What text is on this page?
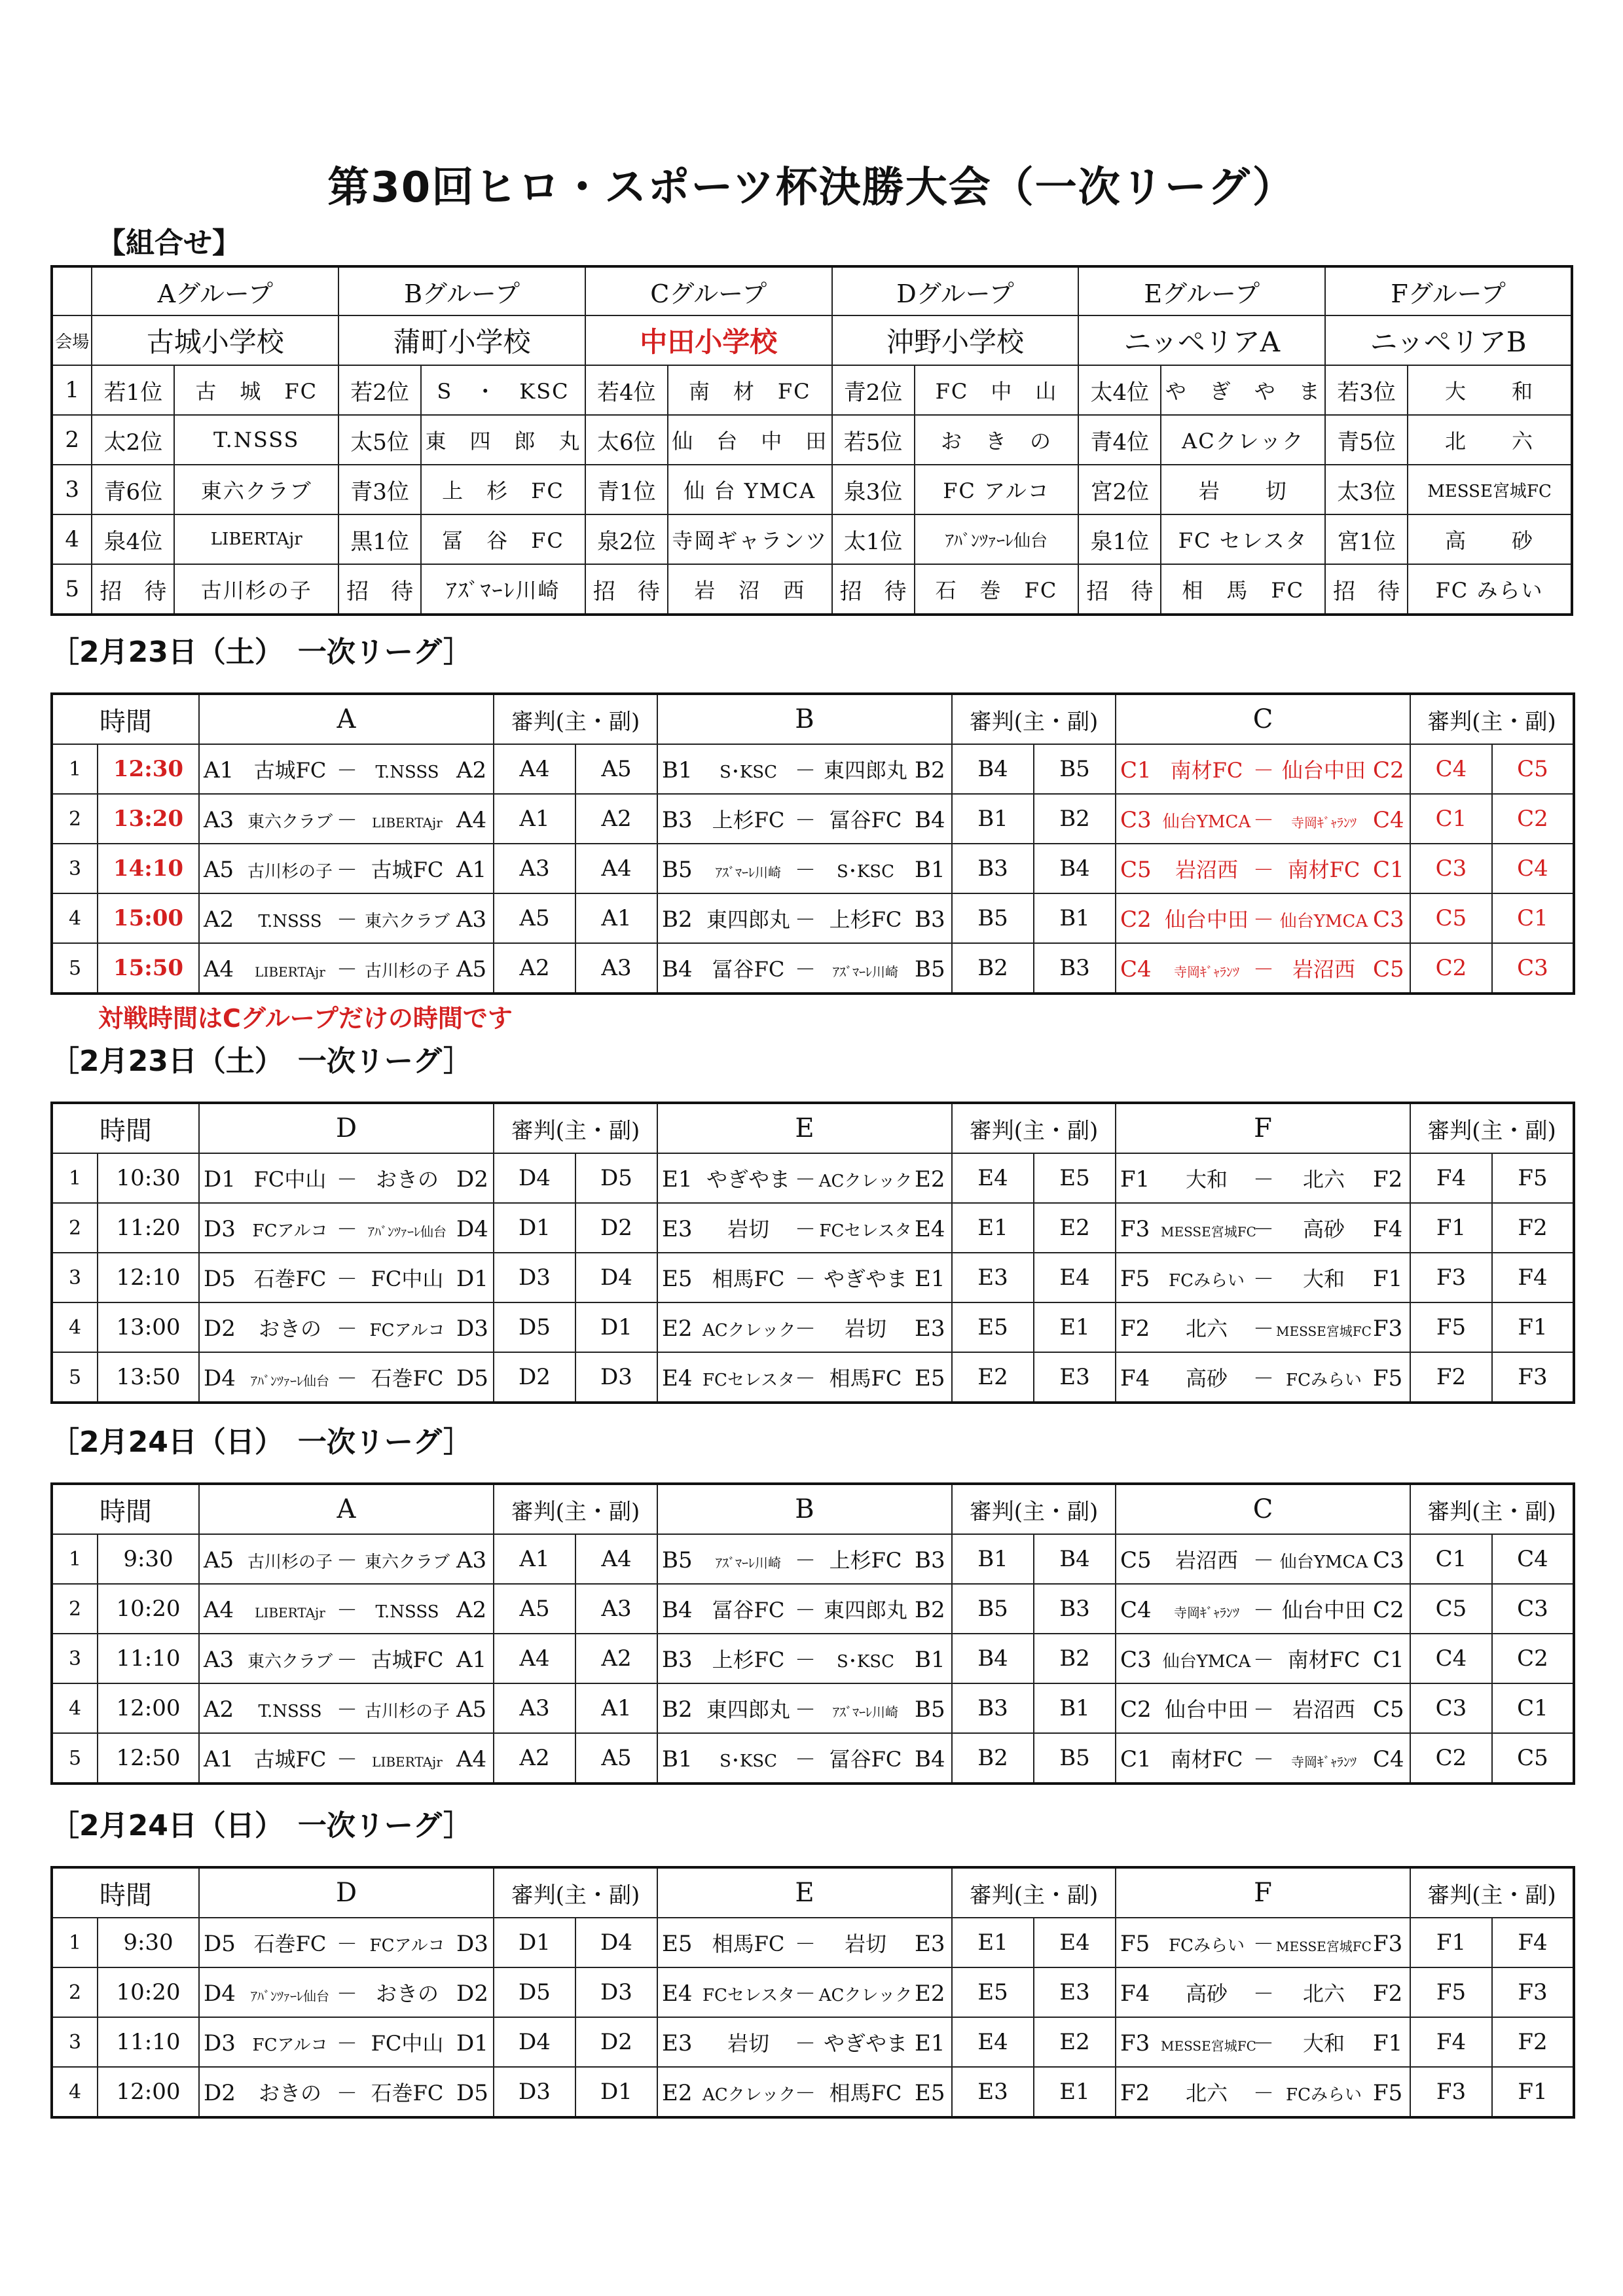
第30回ヒロ・スポーツ杯決勝大会（一次リーグ）
【組合せ】
	Aグループ		Bグループ		Cグループ		Dグループ		Eグループ		Fグループ	
会場	古城小学校		蒲町小学校		中田小学校		沖野小学校		ニッペリアA		ニッペリアB	
1	若1位	古　城　FC	若2位	S　・　KSC	若4位	南　材　FC	青2位	FC　中　山	太4位	や　ぎ　や　ま	若3位	大　　和
2	太2位	T.NSSS	太5位	東　四　郎　丸	太6位	仙　台　中　田	若5位	お　き　の	青4位	ACクレック	青5位	北　　六
3	青6位	東六クラブ	青3位	上　杉　FC	青1位	仙 台 YMCA	泉3位	FC アルコ	宮2位	岩　　切	太3位	MESSE宮城FC
4	泉4位	LIBERTAjr	黒1位	冨　谷　FC	泉2位	寺岡ギャランツ	太1位	ｱﾊﾞﾝﾂｧｰﾚ仙台	泉1位	FC セレスタ	宮1位	高　　砂
5	招　待	古川杉の子	招　待	ｱｽﾞﾏｰﾚ川崎	招　待	岩　沼　西	招　待	石　巻　FC	招　待	相　馬　FC	招　待	FC みらい
［2月23日（土）　一次リーグ］
時間		A	審判(主・副)		B	審判(主・副)		C	審判(主・副)	
1	12:30	A1 古城FC － T.NSSS A2	A4	A5	B1 S･KSC － 東四郎丸 B2	B4	B5	C1 南材FC － 仙台中田 C2	C4	C5
2	13:20	A3 東六クラブ － LIBERTAjr A4	A1	A2	B3 上杉FC － 冨谷FC B4	B1	B2	C3 仙台YMCA － 寺岡ｷﾞｬﾗﾝﾂ C4	C1	C2
3	14:10	A5 古川杉の子 － 古城FC A1	A3	A4	B5 ｱｽﾞﾏｰﾚ川崎 － S･KSC B1	B3	B4	C5 岩沼西 － 南材FC C1	C3	C4
4	15:00	A2 T.NSSS － 東六クラブ A3	A5	A1	B2 東四郎丸 － 上杉FC B3	B5	B1	C2 仙台中田 － 仙台YMCA C3	C5	C1
5	15:50	A4 LIBERTAjr － 古川杉の子 A5	A2	A3	B4 冨谷FC － ｱｽﾞﾏｰﾚ川崎 B5	B2	B3	C4 寺岡ｷﾞｬﾗﾝﾂ － 岩沼西 C5	C2	C3
対戦時間はCグループだけの時間です
［2月23日（土）　一次リーグ］
時間		D	審判(主・副)		E	審判(主・副)		F	審判(主・副)	
1	10:30	D1 FC中山 － おきの D2	D4	D5	E1 やぎやま － ACクレック E2	E4	E5	F1 大和 － 北六 F2	F4	F5
2	11:20	D3 FCアルコ － ｱﾊﾞﾝﾂｧｰﾚ仙台 D4	D1	D2	E3 岩切 － FCセレスタ E4	E1	E2	F3 MESSE宮城FC－ 高砂 F4	F1	F2
3	12:10	D5 石巻FC － FC中山 D1	D3	D4	E5 相馬FC － やぎやま E1	E3	E4	F5 FCみらい － 大和 F1	F3	F4
4	13:00	D2 おきの － FCアルコ D3	D5	D1	E2 ACクレック－ 岩切 E3	E5	E1	F2 北六 － MESSE宮城FCF3	F5	F1
5	13:50	D4 ｱﾊﾞﾝﾂｧｰﾚ仙台 － 石巻FC D5	D2	D3	E4 FCセレスタ－ 相馬FC E5	E2	E3	F4 高砂 － FCみらい F5	F2	F3
［2月24日（日）　一次リーグ］
時間		A	審判(主・副)		B	審判(主・副)		C	審判(主・副)	
1	9:30	A5 古川杉の子 － 東六クラブ A3	A1	A4	B5 ｱｽﾞﾏｰﾚ川崎 － 上杉FC B3	B1	B4	C5 岩沼西 － 仙台YMCA C3	C1	C4
2	10:20	A4 LIBERTAjr － T.NSSS A2	A5	A3	B4 冨谷FC － 東四郎丸 B2	B5	B3	C4 寺岡ｷﾞｬﾗﾝﾂ － 仙台中田 C2	C5	C3
3	11:10	A3 東六クラブ － 古城FC A1	A4	A2	B3 上杉FC － S･KSC B1	B4	B2	C3 仙台YMCA － 南材FC C1	C4	C2
4	12:00	A2 T.NSSS － 古川杉の子 A5	A3	A1	B2 東四郎丸 － ｱｽﾞﾏｰﾚ川崎 B5	B3	B1	C2 仙台中田 － 岩沼西 C5	C3	C1
5	12:50	A1 古城FC － LIBERTAjr A4	A2	A5	B1 S･KSC － 冨谷FC B4	B2	B5	C1 南材FC － 寺岡ｷﾞｬﾗﾝﾂ C4	C2	C5
［2月24日（日）　一次リーグ］
時間		D	審判(主・副)		E	審判(主・副)		F	審判(主・副)	
1	9:30	D5 石巻FC － FCアルコ D3	D1	D4	E5 相馬FC － 岩切 E3	E1	E4	F5 FCみらい － MESSE宮城FCF3	F1	F4
2	10:20	D4 ｱﾊﾞﾝﾂｧｰﾚ仙台 － おきの D2	D5	D3	E4 FCセレスタ－ ACクレック E2	E5	E3	F4 高砂 － 北六 F2	F5	F3
3	11:10	D3 FCアルコ － FC中山 D1	D4	D2	E3 岩切 － やぎやま E1	E4	E2	F3 MESSE宮城FC－ 大和 F1	F4	F2
4	12:00	D2 おきの － 石巻FC D5	D3	D1	E2 ACクレック－ 相馬FC E5	E3	E1	F2 北六 － FCみらい F5	F3	F1
